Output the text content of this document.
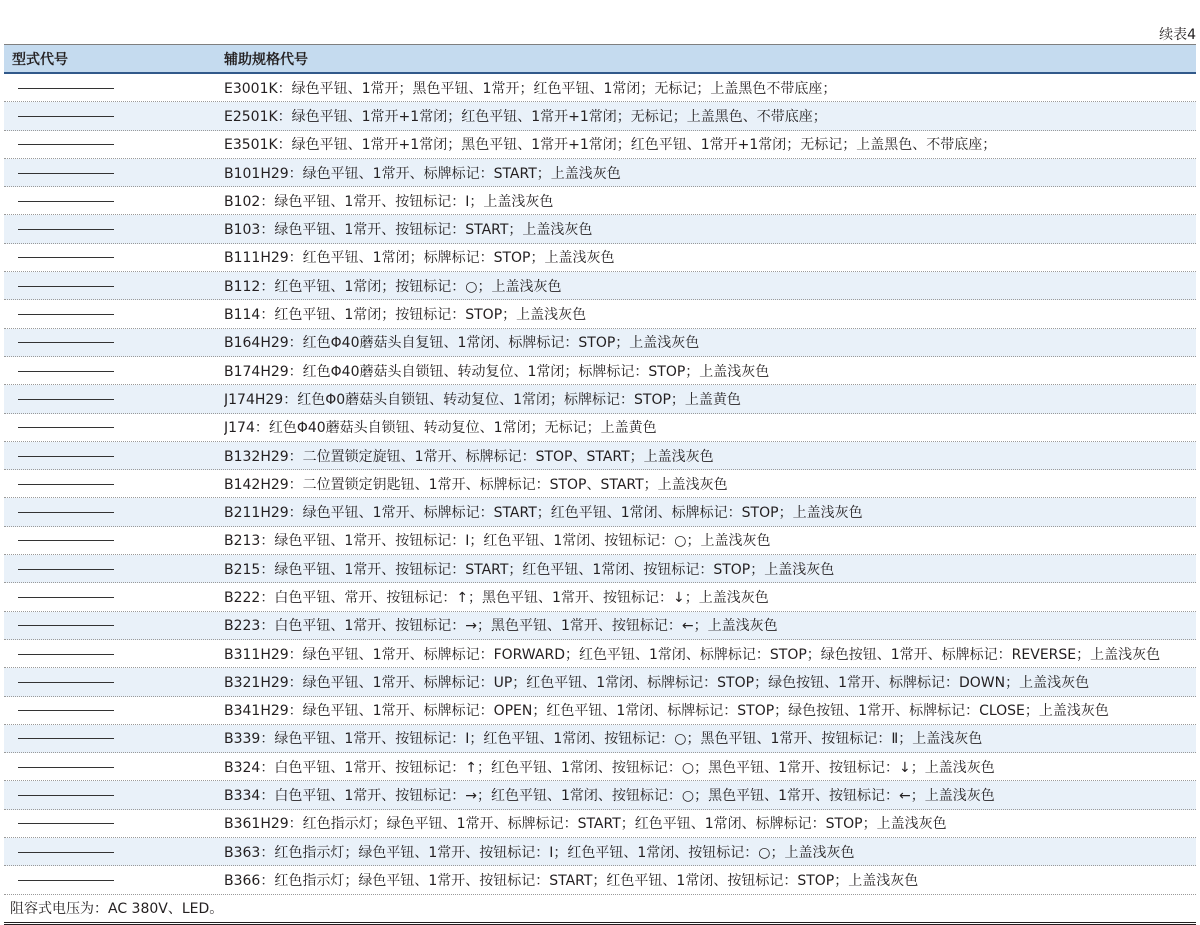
续表4
型式代号	辅助规格代号
E3001K：绿色平钮、1常开；黑色平钮、1常开；红色平钮、1常闭；无标记；上盖黑色不带底座；
E2501K：绿色平钮、1常开+1常闭；红色平钮、1常开+1常闭；无标记；上盖黑色、不带底座；
E3501K：绿色平钮、1常开+1常闭；黑色平钮、1常开+1常闭；红色平钮、1常开+1常闭；无标记；上盖黑色、不带底座；
B101H29：绿色平钮、1常开、标牌标记：START；上盖浅灰色
B102：绿色平钮、1常开、按钮标记：I；上盖浅灰色
B103：绿色平钮、1常开、按钮标记：START；上盖浅灰色
B111H29：红色平钮、1常闭；标牌标记：STOP；上盖浅灰色
B112：红色平钮、1常闭；按钮标记：○；上盖浅灰色
B114：红色平钮、1常闭；按钮标记：STOP；上盖浅灰色
B164H29：红色Φ40蘑菇头自复钮、1常闭、标牌标记：STOP；上盖浅灰色
B174H29：红色Φ40蘑菇头自锁钮、转动复位、1常闭；标牌标记：STOP；上盖浅灰色
J174H29：红色Φ0蘑菇头自锁钮、转动复位、1常闭；标牌标记：STOP；上盖黄色
J174：红色Φ40蘑菇头自锁钮、转动复位、1常闭；无标记；上盖黄色
B132H29：二位置锁定旋钮、1常开、标牌标记：STOP、START；上盖浅灰色
B142H29：二位置锁定钥匙钮、1常开、标牌标记：STOP、START；上盖浅灰色
B211H29：绿色平钮、1常开、标牌标记：START；红色平钮、1常闭、标牌标记：STOP；上盖浅灰色
B213：绿色平钮、1常开、按钮标记：I；红色平钮、1常闭、按钮标记：○；上盖浅灰色
B215：绿色平钮、1常开、按钮标记：START；红色平钮、1常闭、按钮标记：STOP；上盖浅灰色
B222：白色平钮、常开、按钮标记：↑；黑色平钮、1常开、按钮标记：↓；上盖浅灰色
B223：白色平钮、1常开、按钮标记：→；黑色平钮、1常开、按钮标记：←；上盖浅灰色
B311H29：绿色平钮、1常开、标牌标记：FORWARD；红色平钮、1常闭、标牌标记：STOP；绿色按钮、1常开、标牌标记：REVERSE；上盖浅灰色
B321H29：绿色平钮、1常开、标牌标记：UP；红色平钮、1常闭、标牌标记：STOP；绿色按钮、1常开、标牌标记：DOWN；上盖浅灰色
B341H29：绿色平钮、1常开、标牌标记：OPEN；红色平钮、1常闭、标牌标记：STOP；绿色按钮、1常开、标牌标记：CLOSE；上盖浅灰色
B339：绿色平钮、1常开、按钮标记：I；红色平钮、1常闭、按钮标记：○；黑色平钮、1常开、按钮标记：Ⅱ；上盖浅灰色
B324：白色平钮、1常开、按钮标记：↑；红色平钮、1常闭、按钮标记：○；黑色平钮、1常开、按钮标记：↓；上盖浅灰色
B334：白色平钮、1常开、按钮标记：→；红色平钮、1常闭、按钮标记：○；黑色平钮、1常开、按钮标记：←；上盖浅灰色
B361H29：红色指示灯；绿色平钮、1常开、标牌标记：START；红色平钮、1常闭、标牌标记：STOP；上盖浅灰色
B363：红色指示灯；绿色平钮、1常开、按钮标记：I；红色平钮、1常闭、按钮标记：○；上盖浅灰色
B366：红色指示灯；绿色平钮、1常开、按钮标记：START；红色平钮、1常闭、按钮标记：STOP；上盖浅灰色
阻容式电压为：AC 380V、LED。
